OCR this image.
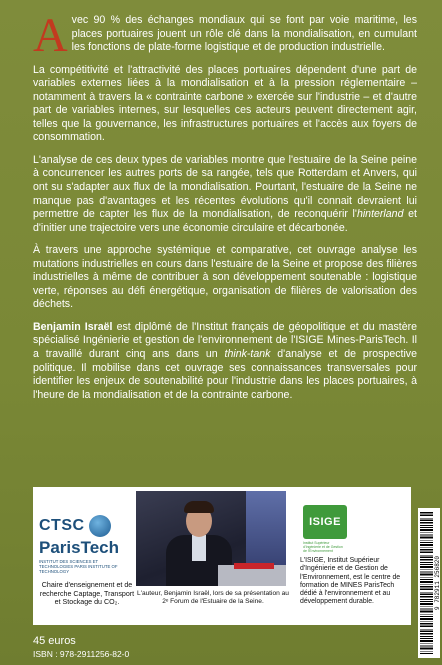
Avec 90 % des échanges mondiaux qui se font par voie maritime, les places portuaires jouent un rôle clé dans la mondialisation, en cumulant les fonctions de plate-forme logistique et de production industrielle.

La compétitivité et l'attractivité des places portuaires dépendent d'une part de variables externes liées à la mondialisation et à la pression réglementaire – notamment à travers la « contrainte carbone » exercée sur l'industrie – et d'autre part de variables internes, sur lesquelles ces acteurs peuvent directement agir, telles que la gouvernance, les infrastructures portuaires et l'accès aux foyers de consommation.

L'analyse de ces deux types de variables montre que l'estuaire de la Seine peine à concurrencer les autres ports de sa rangée, tels que Rotterdam et Anvers, qui ont su s'adapter aux flux de la mondialisation. Pourtant, l'estuaire de la Seine ne manque pas d'avantages et les récentes évolutions qu'il connait devraient lui permettre de capter les flux de la mondialisation, de reconquérir l'hinterland et d'initier une trajectoire vers une économie circulaire et décarbonée.

À travers une approche systémique et comparative, cet ouvrage analyse les mutations industrielles en cours dans l'estuaire de la Seine et propose des filières industrielles à même de contribuer à son développement soutenable : logistique verte, réponses au défi énergétique, organisation de filières de valorisation des déchets.

Benjamin Israël est diplômé de l'Institut français de géopolitique et du mastère spécialisé Ingénierie et gestion de l'environnement de l'ISIGE Mines-ParisTech. Il a travaillé durant cinq ans dans un think-tank d'analyse et de prospective politique. Il mobilise dans cet ouvrage ses connaissances transversales pour identifier les enjeux de soutenabilité pour l'industrie dans les places portuaires, à l'heure de la mondialisation et de la contrainte carbone.

CTSC
ParisTech
INSTITUT DES SCIENCES ET TECHNOLOGIES PARIS INSTITUTE OF TECHNOLOGY
Chaire d'enseignement et de recherche Captage, Transport et Stockage du CO₂.
L'auteur, Benjamin Israël, lors de sa présentation au 2ᵉ Forum de l'Estuaire de la Seine.
ISIGE
Institut Supérieur d'Ingénierie et de Gestion de l'Environnement
L'ISIGE, Institut Supérieur d'Ingénierie et de Gestion de l'Environnement, est le centre de formation de MINES ParisTech dédié à l'environnement et au développement durable.
45 euros
ISBN : 978-2911256-82-0
9 782911 256820
